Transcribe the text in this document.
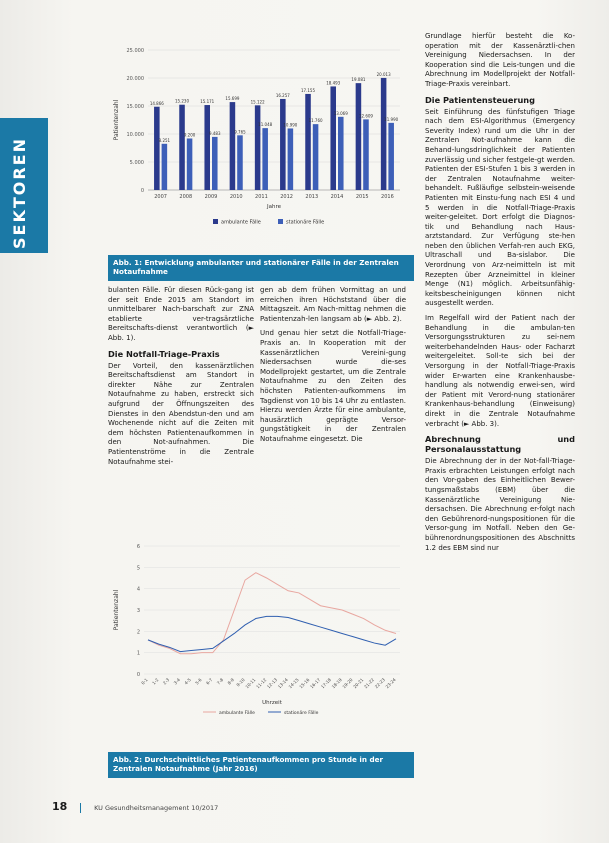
SEKTOREN	0
5.000
10.000
15.000
20.000
25.000
14.866
8.251
2007
15.230
9.200
2008
15.171
9.483
2009
15.699
9.765
2010
15.122
11.048
2011
16.257
10.990
2012
17.155
11.760
2013
18.493
13.069
2014
19.081
12.609
2015
20.013
11.990
2016
Jahre
Patientenzahl
ambulante Fälle	stationäre Fälle
Abb. 1: Entwicklung ambulanter und stationärer Fälle in der Zentralen Notaufnahme

bulanten Fälle. Für diesen Rück-gang ist der seit Ende 2015 am Standort im unmittelbarer Nach-barschaft zur ZNA etablierte ver-tragsärztliche Bereitschafts-dienst verantwortlich (► Abb. 1).

Die Notfall-Triage-Praxis

Der Vorteil, den kassenärztlichen Bereitschaftsdienst am Standort in direkter Nähe zur Zentralen Notaufnahme zu haben, erstreckt sich aufgrund der Öffnungszeiten des Dienstes in den Abendstun-den und am Wochenende nicht auf die Zeiten mit dem höchsten Patientenaufkommen in den Not-aufnahmen. Die Patientenströme in die Zentrale Notaufnahme stei-

gen ab dem frühen Vormittag an und erreichen ihren Höchststand über die Mittagszeit. Am Nach-mittag nehmen die Patientenzah-len langsam ab (► Abb. 2).

Und genau hier setzt die Notfall-Triage-Praxis an. In Kooperation mit der Kassenärztlichen Vereini-gung Niedersachsen wurde die-ses Modellprojekt gestartet, um die Zentrale Notaufnahme zu den Zeiten des höchsten Patienten-aufkommens im Tagdienst von 10 bis 14 Uhr zu entlasten. Hierzu werden Ärzte für eine ambulante, hausärztlich geprägte Versor-gungstätigkeit in der Zentralen Notaufnahme eingesetzt. Die

Grundlage hierfür besteht die Ko-operation mit der Kassenärztli-chen Vereinigung Niedersachsen. In der Kooperation sind die Leis-tungen und die Abrechnung im Modellprojekt der Notfall-Triage-Praxis vereinbart.

Die Patientensteuerung

Seit Einführung des fünfstufigen Triage nach dem ESI-Algorithmus (Emergency Severity Index) rund um die Uhr in der Zentralen Not-aufnahme kann die Behand-lungsdringlichkeit der Patienten zuverlässig und sicher festgele-gt werden. Patienten der ESI-Stufen 1 bis 3 werden in der Zentralen Notaufnahme weiter-behandelt. Fußläufige selbstein-weisende Patienten mit Einstu-fung nach ESI 4 und 5 werden in die Notfall-Triage-Praxis weiter-geleitet. Dort erfolgt die Diagnos-tik und Behandlung nach Haus-arztstandard. Zur Verfügung ste-hen neben den üblichen Verfah-ren auch EKG, Ultraschall und Ba-sislabor. Die Verordnung von Arz-neimitteln ist mit Rezepten über Arzneimittel in kleiner Menge (N1) möglich. Arbeitsunfähig-keitsbescheinigungen können nicht ausgestellt werden.

Im Regelfall wird der Patient nach der Behandlung in die ambulan-ten Versorgungsstrukturen zu sei-nem weiterbehandelnden Haus- oder Facharzt weitergeleitet. Soll-te sich bei der Versorgung in der Notfall-Triage-Praxis wider Er-warten eine Krankenhausbe-handlung als notwendig erwei-sen, wird der Patient mit Verord-nung stationärer Krankenhaus-behandlung (Einweisung) direkt in die Zentrale Notaufnahme verbracht (► Abb. 3).

Abrechnung und Personalausstattung

Die Abrechnung der in der Not-fall-Triage-Praxis erbrachten Leistungen erfolgt nach den Vor-gaben des Einheitlichen Bewer-tungsmaßstabs (EBM) über die Kassenärztliche Vereinigung Nie-dersachsen. Die Abrechnung er-folgt nach den Gebührenord-nungspositionen für die Versor-gung im Notfall. Neben den Ge-bührenordnungspositionen des Abschnitts 1.2 des EBM sind nur

0
1
2
3
4
5
6
0-1 1-2 2-3 3-4 4-5 5-6 6-7 7-8 8-9 9-10
10-11
11-12
12-13
13-14
14-15
15-16
16-17
17-18
18-19
19-20
20-21
21-22
22-23
23-24
Uhrzeit
Patientenzahl
ambulante Fälle	stationäre Fälle
Abb. 2: Durchschnittliches Patientenaufkommen pro Stunde in der Zentralen Notaufnahme (Jahr 2016)
18	KU Gesundheitsmanagement 10/2017
